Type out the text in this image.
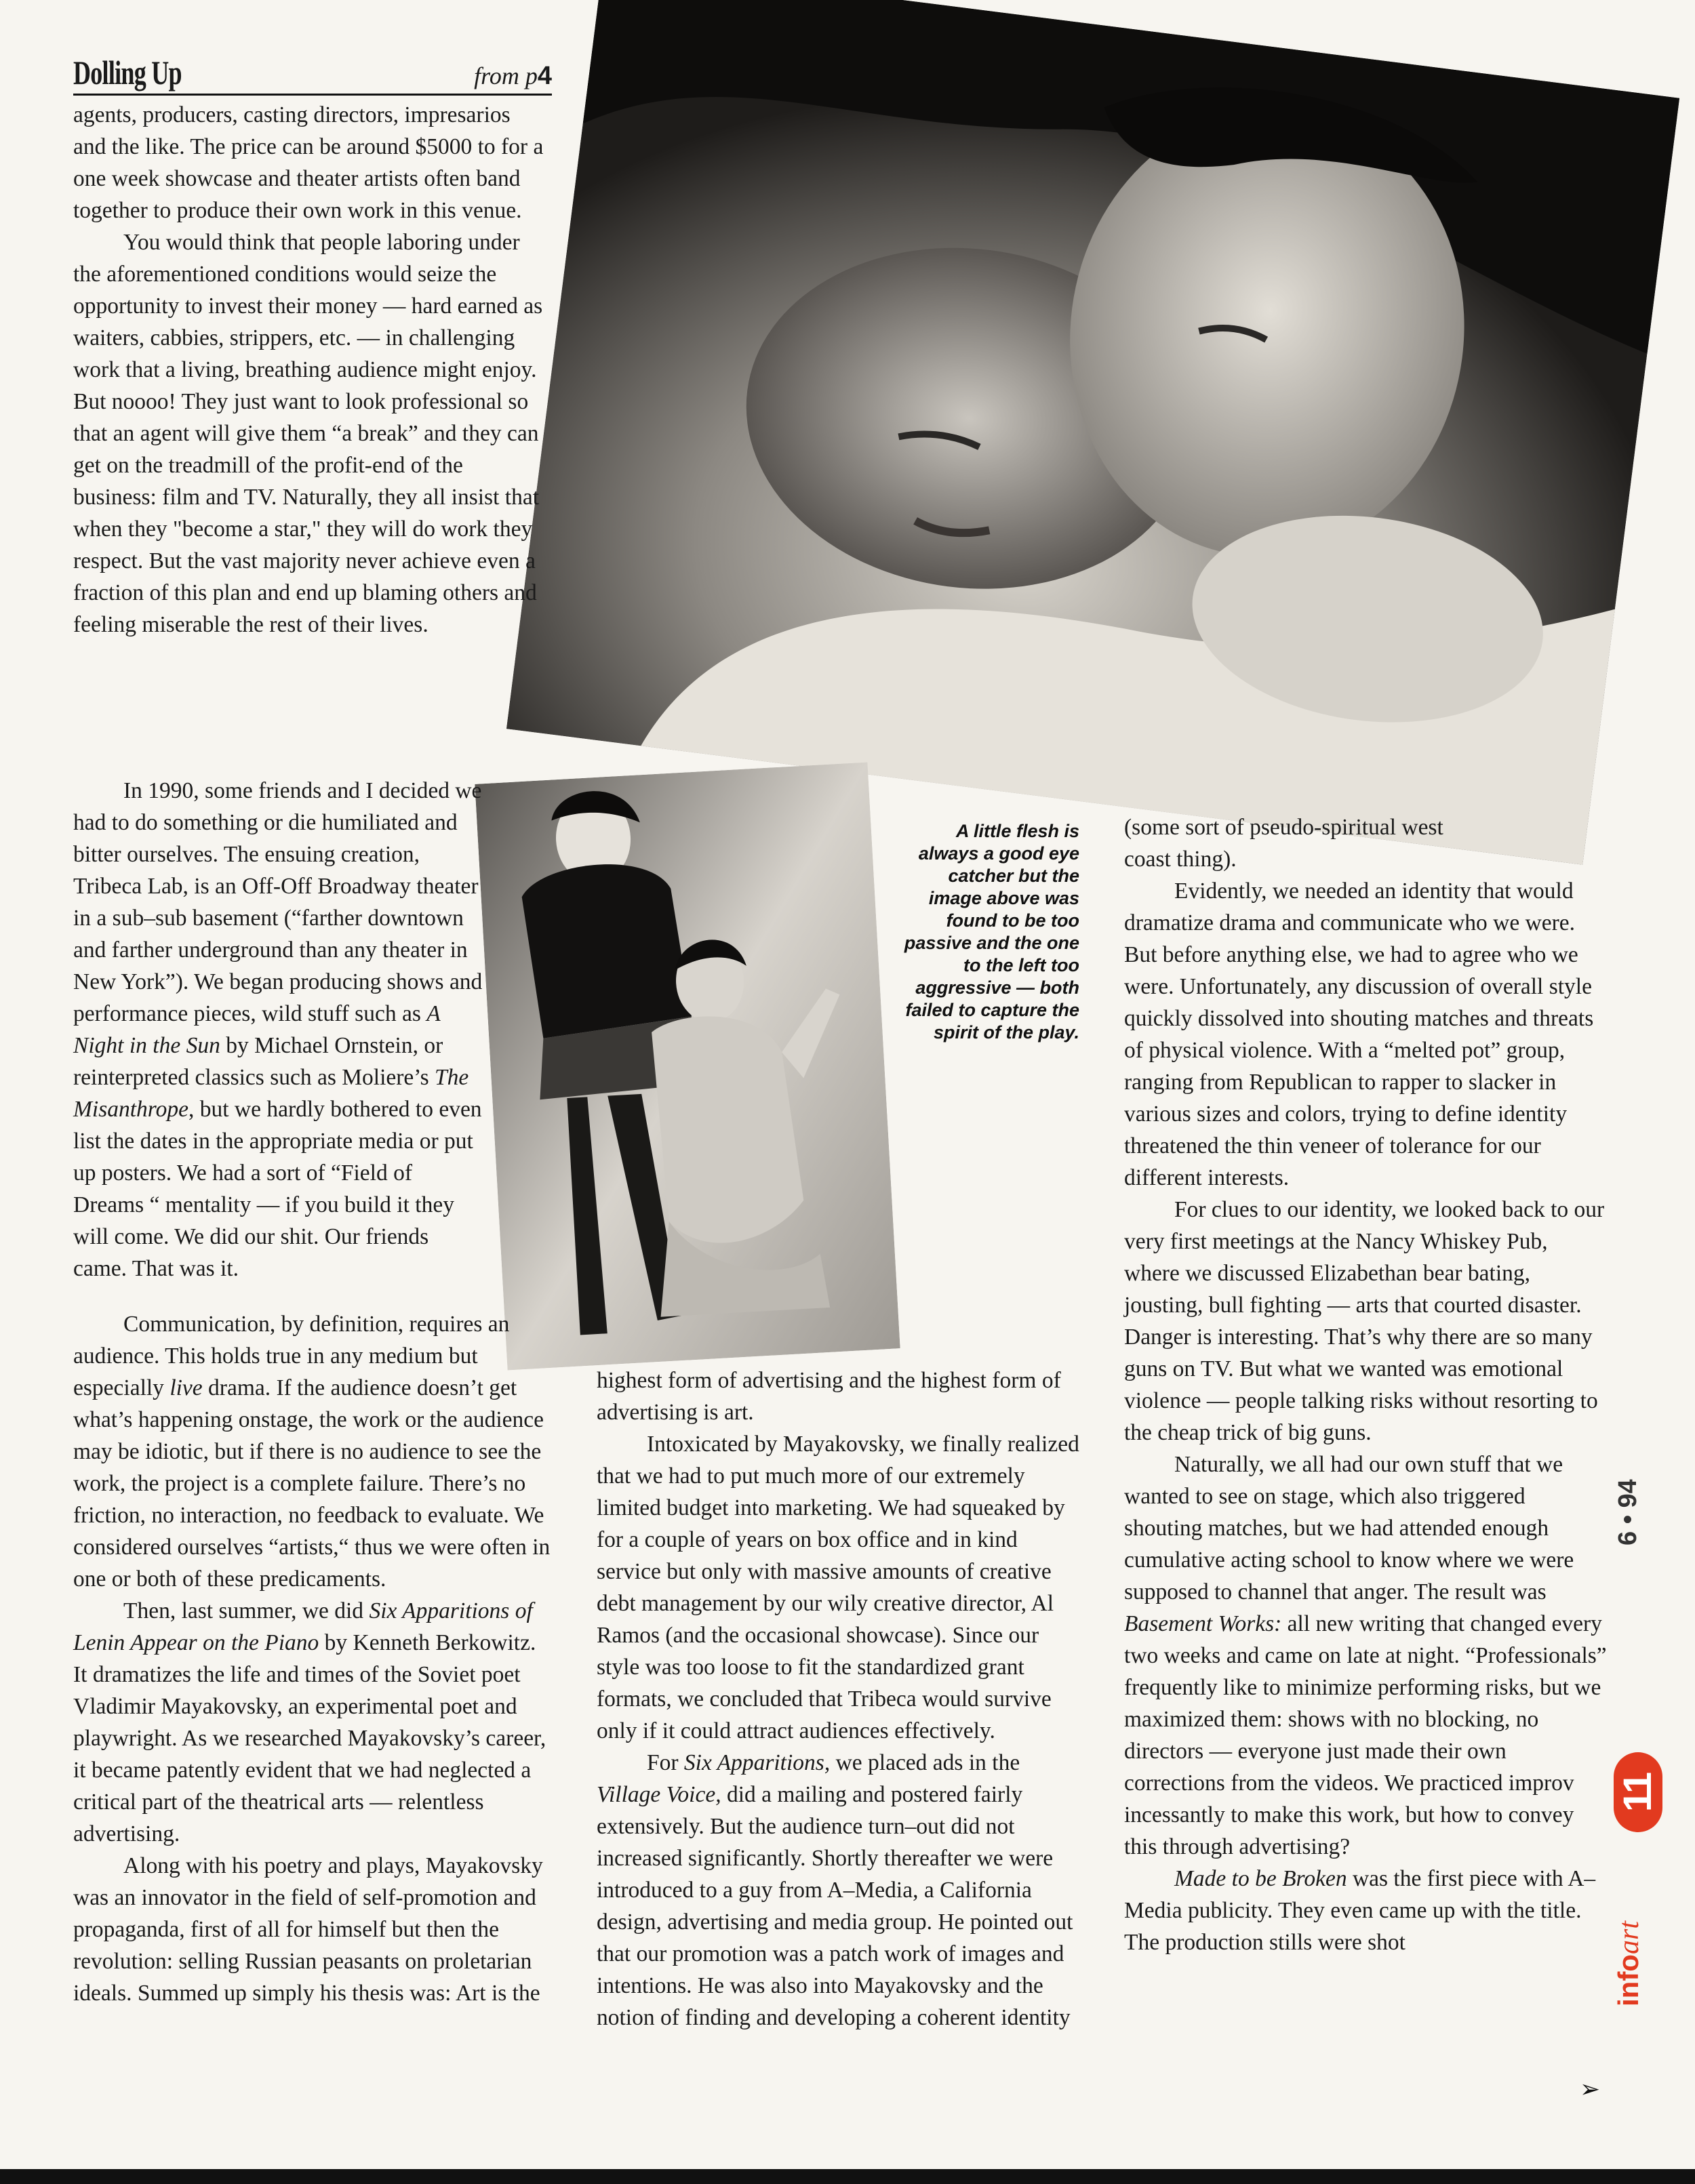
Dolling Up	from p4

agents, producers, casting directors, impresarios and the like. The price can be around $5000 to for a one week showcase and theater artists often band together to produce their own work in this venue.

You would think that people laboring under the aforementioned conditions would seize the opportunity to invest their money — hard earned as waiters, cabbies, strippers, etc. — in challenging work that a living, breathing audience might enjoy. But noooo! They just want to look professional so that an agent will give them “a break” and they can get on the treadmill of the profit-end of the business: film and TV. Naturally, they all insist that when they "become a star," they will do work they respect. But the vast majority never achieve even a fraction of this plan and end up blaming others and feeling miserable the rest of their lives.

In 1990, some friends and I decided we had to do something or die humiliated and bitter ourselves. The ensuing creation, Tribeca Lab, is an Off-Off Broadway theater in a sub–sub basement (“farther downtown and farther underground than any theater in New York”). We began producing shows and performance pieces, wild stuff such as A Night in the Sun by Michael Ornstein, or reinterpreted classics such as Moliere’s The Misanthrope, but we hardly bothered to even list the dates in the appropriate media or put up posters. We had a sort of “Field of Dreams “ mentality — if you build it they will come. We did our shit. Our friends came. That was it.

Communication, by definition, requires an audience. This holds true in any medium but especially live drama. If the audience doesn’t get what’s happening onstage, the work or the audience may be idiotic, but if there is no audience to see the work, the project is a complete failure. There’s no friction, no interaction, no feedback to evaluate. We considered ourselves “artists,“ thus we were often in one or both of these predicaments.

Then, last summer, we did Six Apparitions of Lenin Appear on the Piano by Kenneth Berkowitz. It dramatizes the life and times of the Soviet poet Vladimir Mayakovsky, an experimental poet and playwright. As we researched Mayakovsky’s career, it became patently evident that we had neglected a critical part of the theatrical arts — relentless advertising.

Along with his poetry and plays, Mayakovsky was an innovator in the field of self-promotion and propaganda, first of all for himself but then the revolution: selling Russian peasants on proletarian ideals. Summed up simply his thesis was: Art is the

A little flesh is always a good eye catcher but the image above was found to be too passive and the one to the left too aggressive — both failed to capture the spirit of the play.

highest form of advertising and the highest form of advertising is art.

Intoxicated by Mayakovsky, we finally realized that we had to put much more of our extremely limited budget into marketing. We had squeaked by for a couple of years on box office and in kind service but only with massive amounts of creative debt management by our wily creative director, Al Ramos (and the occasional showcase). Since our style was too loose to fit the standardized grant formats, we concluded that Tribeca would survive only if it could attract audiences effectively.

For Six Apparitions, we placed ads in the Village Voice, did a mailing and postered fairly extensively. But the audience turn–out did not increased significantly. Shortly thereafter we were introduced to a guy from A–Media, a California design, advertising and media group. He pointed out that our promotion was a patch work of images and intentions. He was also into Mayakovsky and the notion of finding and developing a coherent identity

(some sort of pseudo-spiritual west coast thing).

Evidently, we needed an identity that would dramatize drama and communicate who we were. But before anything else, we had to agree who we were. Unfortunately, any discussion of overall style quickly dissolved into shouting matches and threats of physical violence. With a “melted pot” group, ranging from Republican to rapper to slacker in various sizes and colors, trying to define identity threatened the thin veneer of tolerance for our different interests.

For clues to our identity, we looked back to our very first meetings at the Nancy Whiskey Pub, where we discussed Elizabethan bear bating, jousting, bull fighting — arts that courted disaster. Danger is interesting. That’s why there are so many guns on TV. But what we wanted was emotional violence — people talking risks without resorting to the cheap trick of big guns.

Naturally, we all had our own stuff that we wanted to see on stage, which also triggered shouting matches, but we had attended enough cumulative acting school to know where we were supposed to channel that anger. The result was Basement Works: all new writing that changed every two weeks and came on late at night. “Professionals” frequently like to minimize performing risks, but we maximized them: shows with no blocking, no directors — everyone just made their own corrections from the videos. We practiced improv incessantly to make this work, but how to convey this through advertising?

Made to be Broken was the first piece with A–Media publicity. They even came up with the title. The production stills were shot

➢
6 • 94
11
infoart
